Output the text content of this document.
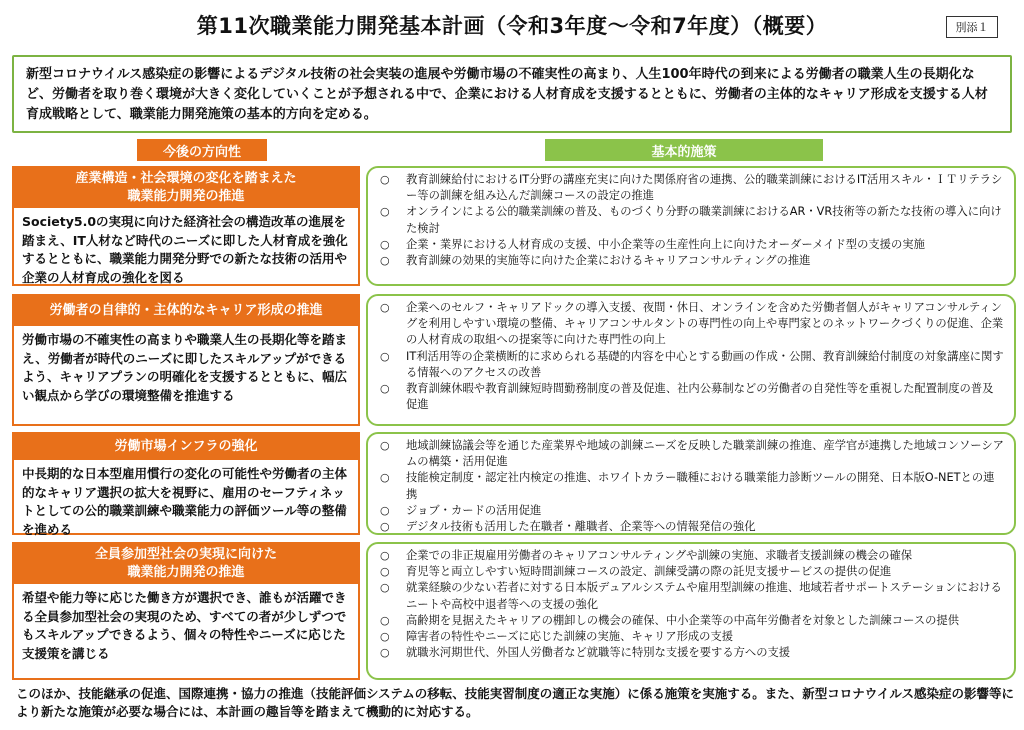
第11次職業能力開発基本計画（令和3年度～令和7年度）（概要）	別添１
新型コロナウイルス感染症の影響によるデジタル技術の社会実装の進展や労働市場の不確実性の高まり、人生100年時代の到来による労働者の職業人生の長期化など、労働者を取り巻く環境が大きく変化していくことが予想される中で、企業における人材育成を支援するとともに、労働者の主体的なキャリア形成を支援する人材育成戦略として、職業能力開発施策の基本的方向を定める。
今後の方向性	基本的施策
産業構造・社会環境の変化を踏まえた
職業能力開発の推進
Society5.0の実現に向けた経済社会の構造改革の進展を踏まえ、IT人材など時代のニーズに即した人材育成を強化するとともに、職業能力開発分野での新たな技術の活用や企業の人材育成の強化を図る
○ 教育訓練給付におけるIT分野の講座充実に向けた関係府省の連携、公的職業訓練におけるIT活用スキル・ＩＴリテラシー等の訓練を組み込んだ訓練コースの設定の推進
○ オンラインによる公的職業訓練の普及、ものづくり分野の職業訓練におけるAR・VR技術等の新たな技術の導入に向けた検討
○ 企業・業界における人材育成の支援、中小企業等の生産性向上に向けたオーダーメイド型の支援の実施
○ 教育訓練の効果的実施等に向けた企業におけるキャリアコンサルティングの推進
労働者の自律的・主体的なキャリア形成の推進
労働市場の不確実性の高まりや職業人生の長期化等を踏まえ、労働者が時代のニーズに即したスキルアップができるよう、キャリアプランの明確化を支援するとともに、幅広い観点から学びの環境整備を推進する
○ 企業へのセルフ・キャリアドックの導入支援、夜間・休日、オンラインを含めた労働者個人がキャリアコンサルティングを利用しやすい環境の整備、キャリアコンサルタントの専門性の向上や専門家とのネットワークづくりの促進、企業の人材育成の取組への提案等に向けた専門性の向上
○ IT利活用等の企業横断的に求められる基礎的内容を中心とする動画の作成・公開、教育訓練給付制度の対象講座に関する情報へのアクセスの改善
○ 教育訓練休暇や教育訓練短時間勤務制度の普及促進、社内公募制などの労働者の自発性等を重視した配置制度の普及促進
労働市場インフラの強化
中長期的な日本型雇用慣行の変化の可能性や労働者の主体的なキャリア選択の拡大を視野に、雇用のセーフティネットとしての公的職業訓練や職業能力の評価ツール等の整備を進める
○ 地域訓練協議会等を通じた産業界や地域の訓練ニーズを反映した職業訓練の推進、産学官が連携した地域コンソーシアムの構築・活用促進
○ 技能検定制度・認定社内検定の推進、ホワイトカラー職種における職業能力診断ツールの開発、日本版O-NETとの連携
○ ジョブ・カードの活用促進
○ デジタル技術も活用した在職者・離職者、企業等への情報発信の強化
全員参加型社会の実現に向けた
職業能力開発の推進
希望や能力等に応じた働き方が選択でき、誰もが活躍できる全員参加型社会の実現のため、すべての者が少しずつでもスキルアップできるよう、個々の特性やニーズに応じた支援策を講じる
○ 企業での非正規雇用労働者のキャリアコンサルティングや訓練の実施、求職者支援訓練の機会の確保
○ 育児等と両立しやすい短時間訓練コースの設定、訓練受講の際の託児支援サービスの提供の促進
○ 就業経験の少ない若者に対する日本版デュアルシステムや雇用型訓練の推進、地域若者サポートステーションにおけるニートや高校中退者等への支援の強化
○ 高齢期を見据えたキャリアの棚卸しの機会の確保、中小企業等の中高年労働者を対象とした訓練コースの提供
○ 障害者の特性やニーズに応じた訓練の実施、キャリア形成の支援
○ 就職氷河期世代、外国人労働者など就職等に特別な支援を要する方への支援
このほか、技能継承の促進、国際連携・協力の推進（技能評価システムの移転、技能実習制度の適正な実施）に係る施策を実施する。また、新型コロナウイルス感染症の影響等により新たな施策が必要な場合には、本計画の趣旨等を踏まえて機動的に対応する。
